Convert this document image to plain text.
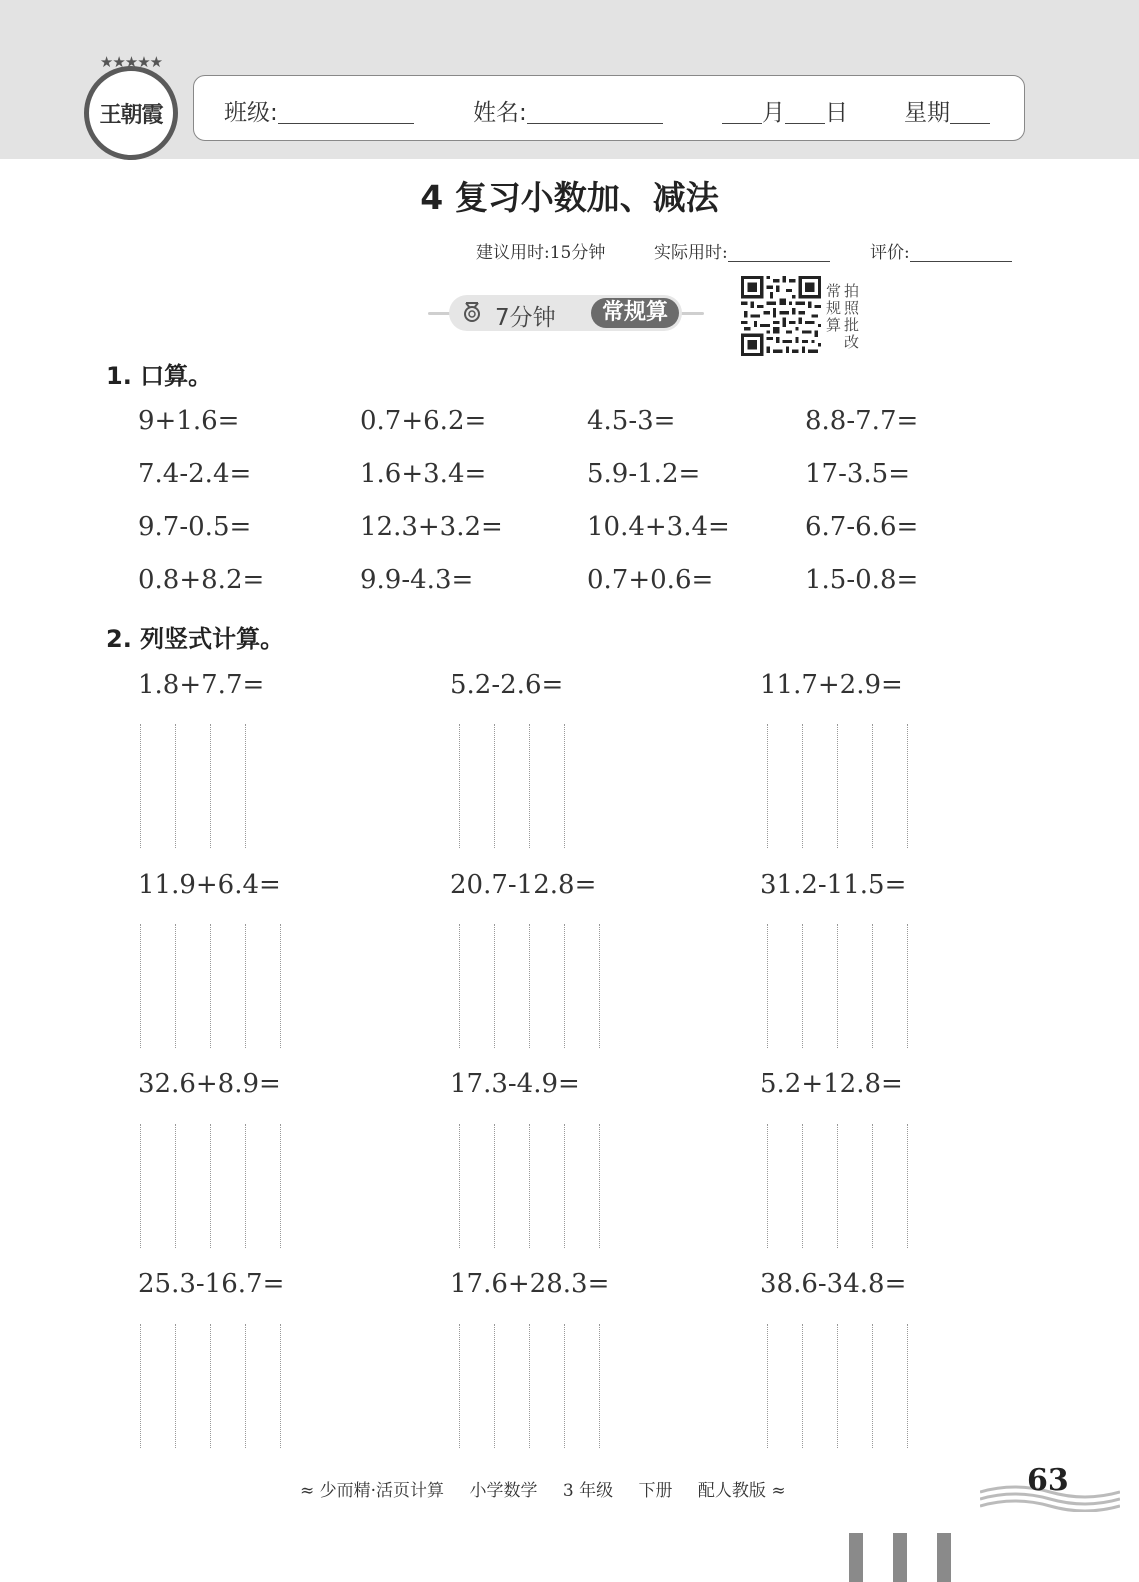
★★★★★
王朝霞	班级:	姓名:	月 日 星期
4 复习小数加、减法
建议用时:15分钟	实际用时:	评价:
7分钟	常规算
常规算
拍照批改
1. 口算。
9+1.6=	0.7+6.2=	4.5-3=	8.8-7.7=
7.4-2.4=	1.6+3.4=	5.9-1.2=	17-3.5=
9.7-0.5=	12.3+3.2=	10.4+3.4=	6.7-6.6=
0.8+8.2=	9.9-4.3=	0.7+0.6=	1.5-0.8=
2. 列竖式计算。
1.8+7.7=	5.2-2.6=	11.7+2.9=
11.9+6.4=	20.7-12.8=	31.2-11.5=
32.6+8.9=	17.3-4.9=	5.2+12.8=
25.3-16.7=	17.6+28.3=	38.6-34.8=
≈ 少而精·活页计算 小学数学 3 年级 下册 配人教版 ≈	63
